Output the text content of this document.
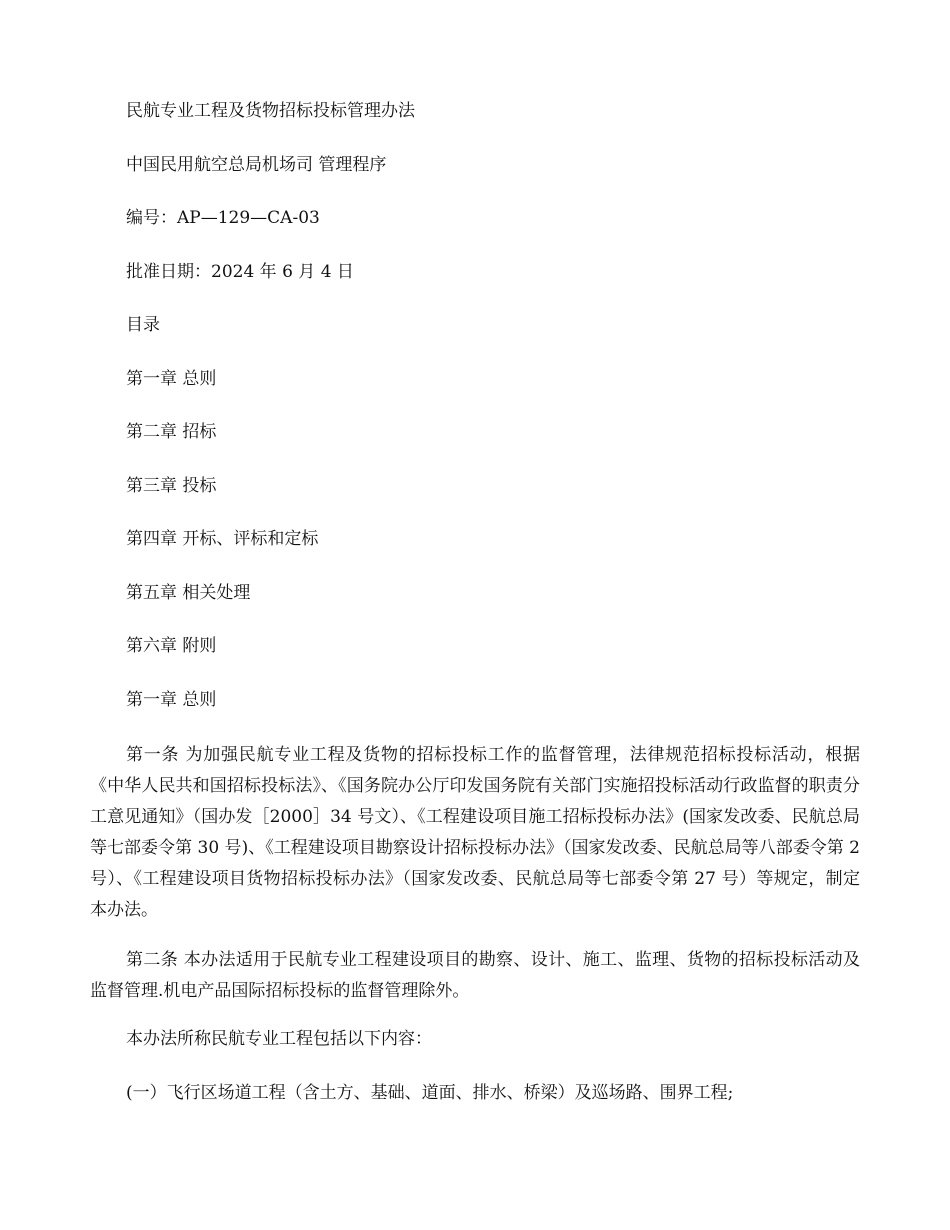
民航专业工程及货物招标投标管理办法

中国民用航空总局机场司 管理程序

编号：AP—129—CA-03

批准日期：2024 年 6 月 4 日

目录

第一章 总则

第二章 招标

第三章 投标

第四章 开标、评标和定标

第五章 相关处理

第六章 附则

第一章 总则

第一条 为加强民航专业工程及货物的招标投标工作的监督管理，法律规范招标投标活动，根据《中华人民共和国招标投标法》、《国务院办公厅印发国务院有关部门实施招投标活动行政监督的职责分工意见通知》（国办发［2000］34 号文）、《工程建设项目施工招标投标办法》(国家发改委、民航总局等七部委令第 30 号)、《工程建设项目勘察设计招标投标办法》（国家发改委、民航总局等八部委令第 2 号）、《工程建设项目货物招标投标办法》（国家发改委、民航总局等七部委令第 27 号）等规定，制定本办法。

第二条 本办法适用于民航专业工程建设项目的勘察、设计、施工、监理、货物的招标投标活动及监督管理.机电产品国际招标投标的监督管理除外。

本办法所称民航专业工程包括以下内容：

(一）飞行区场道工程（含土方、基础、道面、排水、桥梁）及巡场路、围界工程;
